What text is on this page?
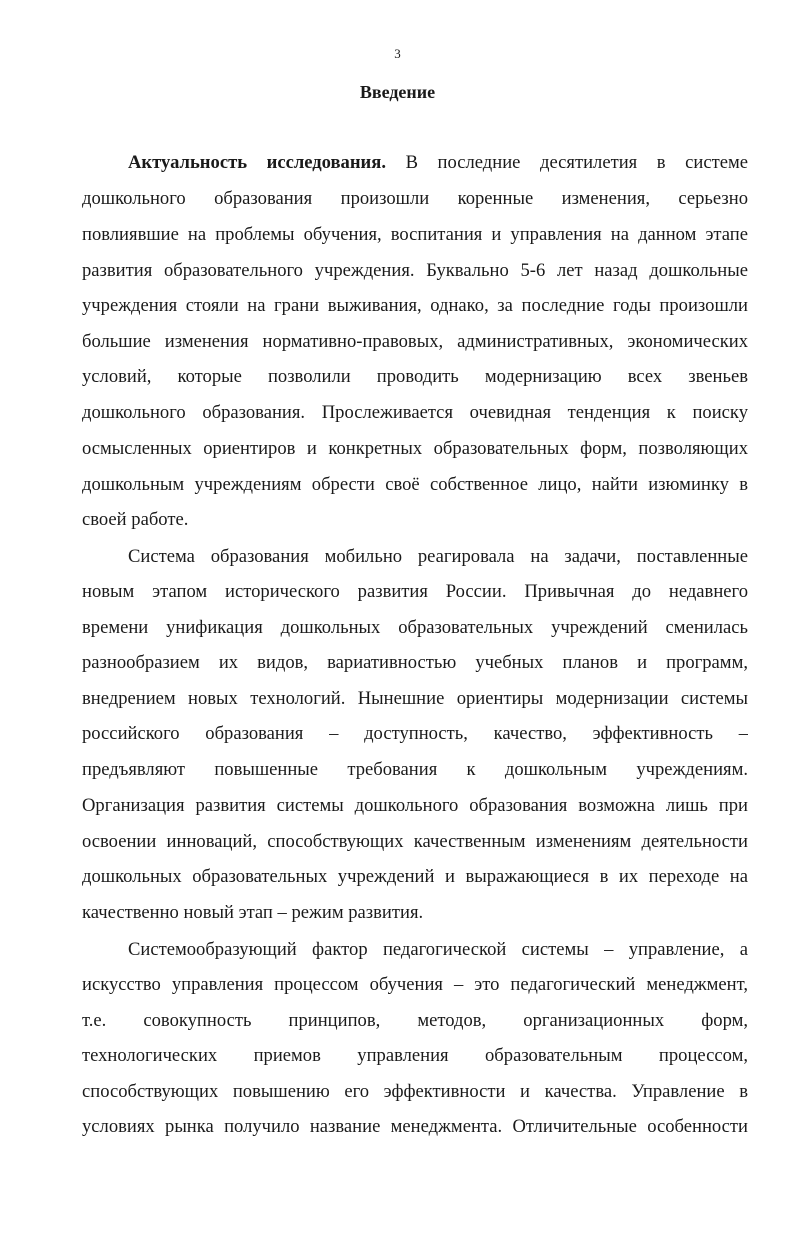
3
Введение
Актуальность исследования. В последние десятилетия в системе
дошкольного образования произошли коренные изменения, серьезно
повлиявшие на проблемы обучения, воспитания и управления на данном этапе
развития образовательного учреждения. Буквально 5-6 лет назад дошкольные
учреждения стояли на грани выживания, однако, за последние годы произошли
большие изменения нормативно-правовых, административных, экономических
условий, которые позволили проводить модернизацию всех звеньев
дошкольного образования. Прослеживается очевидная тенденция к поиску
осмысленных ориентиров и конкретных образовательных форм, позволяющих
дошкольным учреждениям обрести своё собственное лицо, найти изюминку в
своей работе.
Система образования мобильно реагировала на задачи, поставленные
новым этапом исторического развития России. Привычная до недавнего
времени унификация дошкольных образовательных учреждений сменилась
разнообразием их видов, вариативностью учебных планов и программ,
внедрением новых технологий. Нынешние ориентиры модернизации системы
российского образования – доступность, качество, эффективность –
предъявляют повышенные требования к дошкольным учреждениям.
Организация развития системы дошкольного образования возможна лишь при
освоении инноваций, способствующих качественным изменениям деятельности
дошкольных образовательных учреждений и выражающиеся в их переходе на
качественно новый этап – режим развития.
Системообразующий фактор педагогической системы – управление, а
искусство управления процессом обучения – это педагогический менеджмент,
т.е. совокупность принципов, методов, организационных форм,
технологических приемов управления образовательным процессом,
способствующих повышению его эффективности и качества. Управление в
условиях рынка получило название менеджмента. Отличительные особенности
